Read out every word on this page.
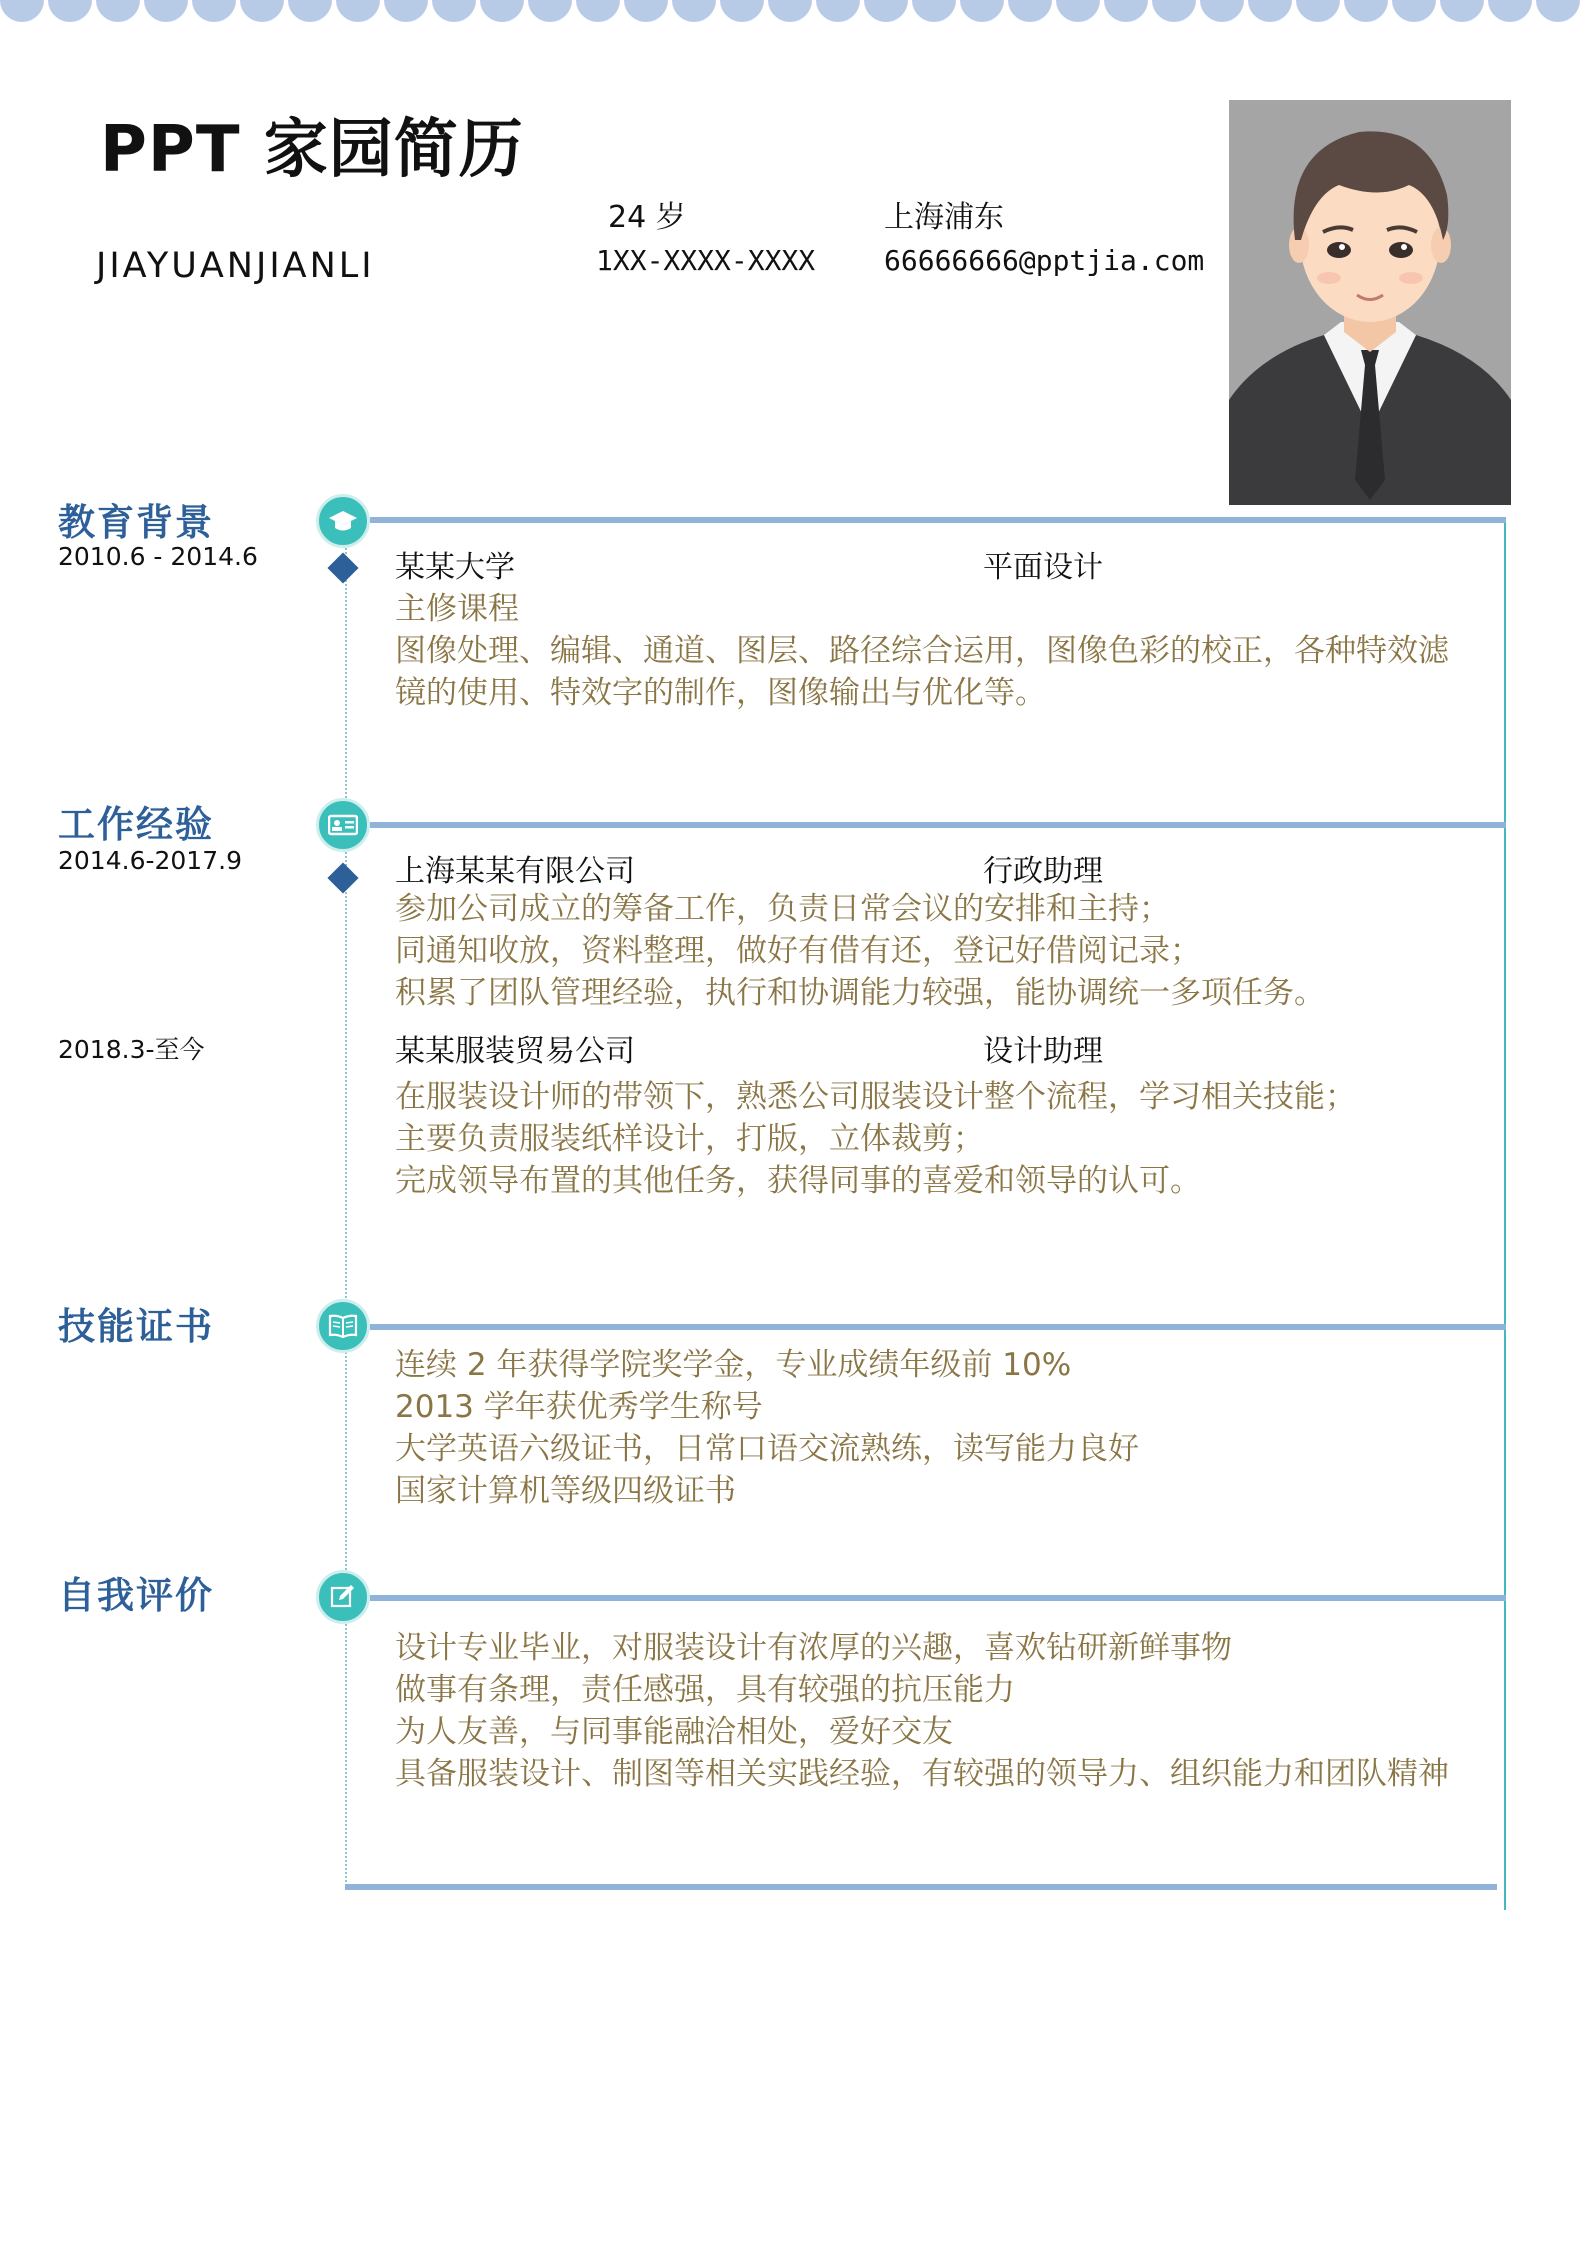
PPT 家园简历
JIAYUANJIANLI
24 岁	上海浦东
1XX-XXXX-XXXX 66666666@pptjia.com
教育背景
2010.6 - 2014.6	某某大学	平面设计
主修课程
图像处理、编辑、通道、图层、路径综合运用，图像色彩的校正，各种特效滤
镜的使用、特效字的制作，图像输出与优化等。
工作经验
2014.6-2017.9	上海某某有限公司	行政助理
参加公司成立的筹备工作，负责日常会议的安排和主持；
同通知收放，资料整理，做好有借有还，登记好借阅记录；
积累了团队管理经验，执行和协调能力较强，能协调统一多项任务。
2018.3-至今	某某服装贸易公司	设计助理
在服装设计师的带领下，熟悉公司服装设计整个流程，学习相关技能；
主要负责服装纸样设计，打版，立体裁剪；
完成领导布置的其他任务，获得同事的喜爱和领导的认可。
技能证书
连续 2 年获得学院奖学金，专业成绩年级前 10%
2013 学年获优秀学生称号
大学英语六级证书，日常口语交流熟练，读写能力良好
国家计算机等级四级证书
自我评价
设计专业毕业，对服装设计有浓厚的兴趣，喜欢钻研新鲜事物
做事有条理，责任感强，具有较强的抗压能力
为人友善，与同事能融洽相处，爱好交友
具备服装设计、制图等相关实践经验，有较强的领导力、组织能力和团队精神
